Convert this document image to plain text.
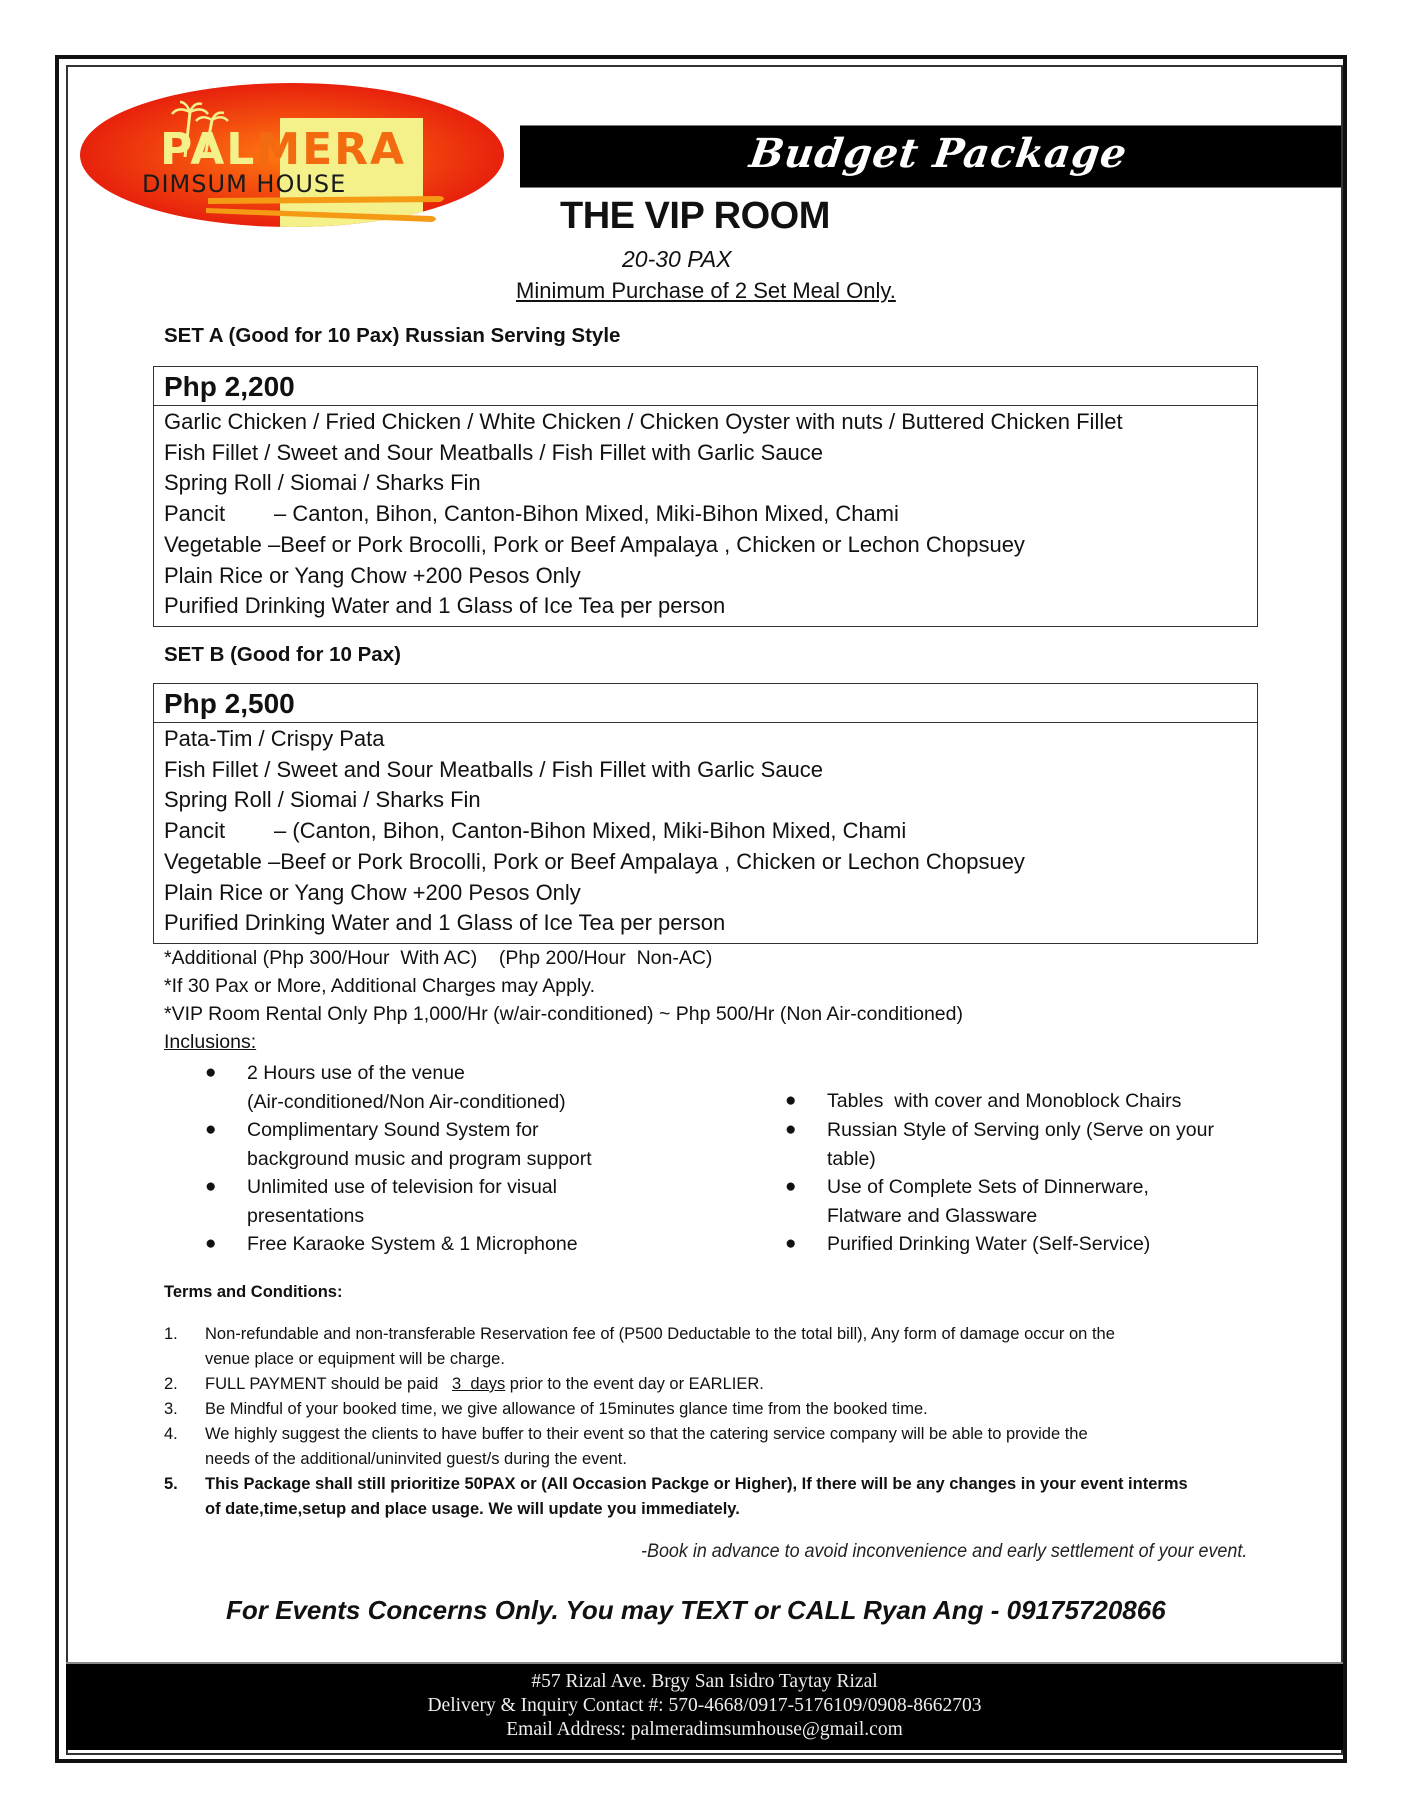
PALMERA
DIMSUM HOUSE
Budget Package
THE VIP ROOM
20-30 PAX
Minimum Purchase of 2 Set Meal Only.
SET A (Good for 10 Pax) Russian Serving Style
Php 2,200
Garlic Chicken / Fried Chicken / White Chicken / Chicken Oyster with nuts / Buttered Chicken Fillet
Fish Fillet / Sweet and Sour Meatballs / Fish Fillet with Garlic Sauce
Spring Roll / Siomai / Sharks Fin
Pancit        – Canton, Bihon, Canton-Bihon Mixed, Miki-Bihon Mixed, Chami
Vegetable –Beef or Pork Brocolli, Pork or Beef Ampalaya , Chicken or Lechon Chopsuey
Plain Rice or Yang Chow +200 Pesos Only
Purified Drinking Water and 1 Glass of Ice Tea per person
SET B (Good for 10 Pax)
Php 2,500
Pata-Tim / Crispy Pata
Fish Fillet / Sweet and Sour Meatballs / Fish Fillet with Garlic Sauce
Spring Roll / Siomai / Sharks Fin
Pancit        – (Canton, Bihon, Canton-Bihon Mixed, Miki-Bihon Mixed, Chami
Vegetable –Beef or Pork Brocolli, Pork or Beef Ampalaya , Chicken or Lechon Chopsuey
Plain Rice or Yang Chow +200 Pesos Only
Purified Drinking Water and 1 Glass of Ice Tea per person
*Additional (Php 300/Hour  With AC)    (Php 200/Hour  Non-AC)
*If 30 Pax or More, Additional Charges may Apply.
*VIP Room Rental Only Php 1,000/Hr (w/air-conditioned) ~ Php 500/Hr (Non Air-conditioned)
Inclusions:
● 2 Hours use of the venue
(Air-conditioned/Non Air-conditioned)
● Complimentary Sound System for
background music and program support
● Unlimited use of television for visual
presentations
● Free Karaoke System & 1 Microphone
● Tables  with cover and Monoblock Chairs
● Russian Style of Serving only (Serve on your
table)
● Use of Complete Sets of Dinnerware,
Flatware and Glassware
● Purified Drinking Water (Self-Service)
Terms and Conditions:
1. Non-refundable and non-transferable Reservation fee of (P500 Deductable to the total bill), Any form of damage occur on the
venue place or equipment will be charge.
2. FULL PAYMENT should be paid   3  days prior to the event day or EARLIER.
3. Be Mindful of your booked time, we give allowance of 15minutes glance time from the booked time.
4. We highly suggest the clients to have buffer to their event so that the catering service company will be able to provide the
needs of the additional/uninvited guest/s during the event.
5. This Package shall still prioritize 50PAX or (All Occasion Packge or Higher), If there will be any changes in your event interms
of date,time,setup and place usage. We will update you immediately.
-Book in advance to avoid inconvenience and early settlement of your event.
For Events Concerns Only. You may TEXT or CALL Ryan Ang - 09175720866
#57 Rizal Ave. Brgy San Isidro Taytay Rizal
Delivery & Inquiry Contact #: 570-4668/0917-5176109/0908-8662703
Email Address: palmeradimsumhouse@gmail.com
